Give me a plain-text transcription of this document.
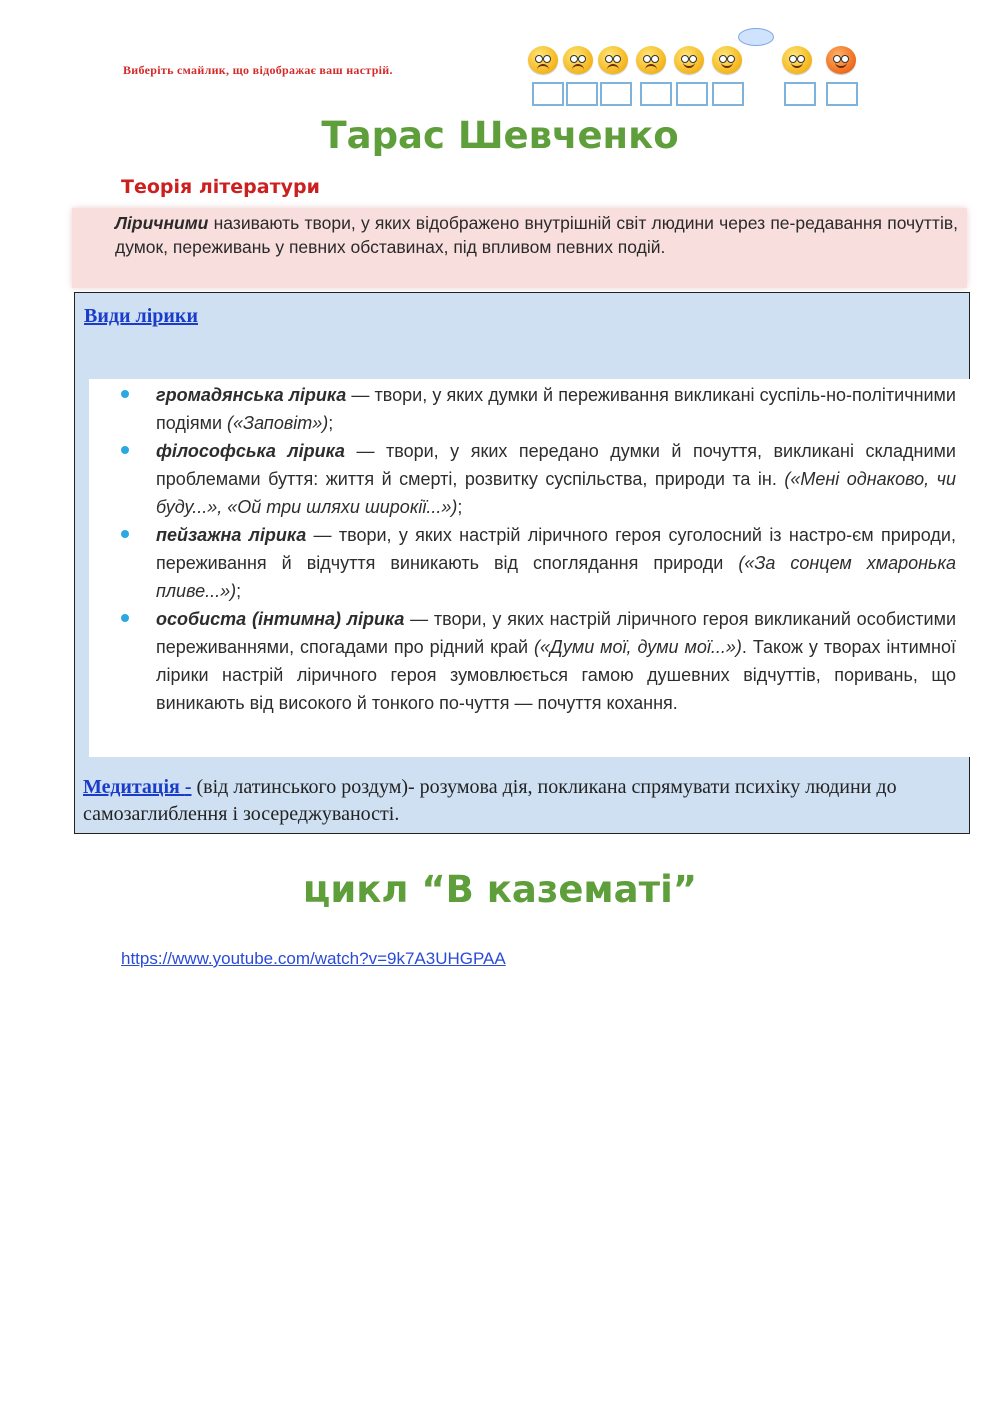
Виберіть смайлик, що відображає ваш настрій.
Тарас Шевченко
Теорія літератури

Ліричними називають твори, у яких відображено внутрішній світ людини через пе-редавання почуттів, думок, переживань у певних обставинах, під впливом певних подій.

Види лірики
громадянська лірика — твори, у яких думки й переживання викликані суспіль-но-політичними подіями («Заповіт»);
філософська лірика — твори, у яких передано думки й почуття, викликані складними проблемами буття: життя й смерті, розвитку суспільства, природи та ін. («Мені однаково, чи буду...», «Ой три шляхи широкії...»);
пейзажна лірика — твори, у яких настрій ліричного героя суголосний із настро-єм природи, переживання й відчуття виникають від споглядання природи («За сонцем хмаронька пливе...»);
особиста (інтимна) лірика — твори, у яких настрій ліричного героя викликаний особистими переживаннями, спогадами про рідний край («Думи мої, думи мої...»). Також у творах інтимної лірики настрій ліричного героя зумовлюється гамою душевних відчуттів, поривань, що виникають від високого й тонкого по-чуття — почуття кохання.
Медитація - (від латинського роздум)- розумова дія, покликана спрямувати психіку людини до самозаглиблення і зосереджуваності.
цикл “В казематі”
https://www.youtube.com/watch?v=9k7A3UHGPAA
